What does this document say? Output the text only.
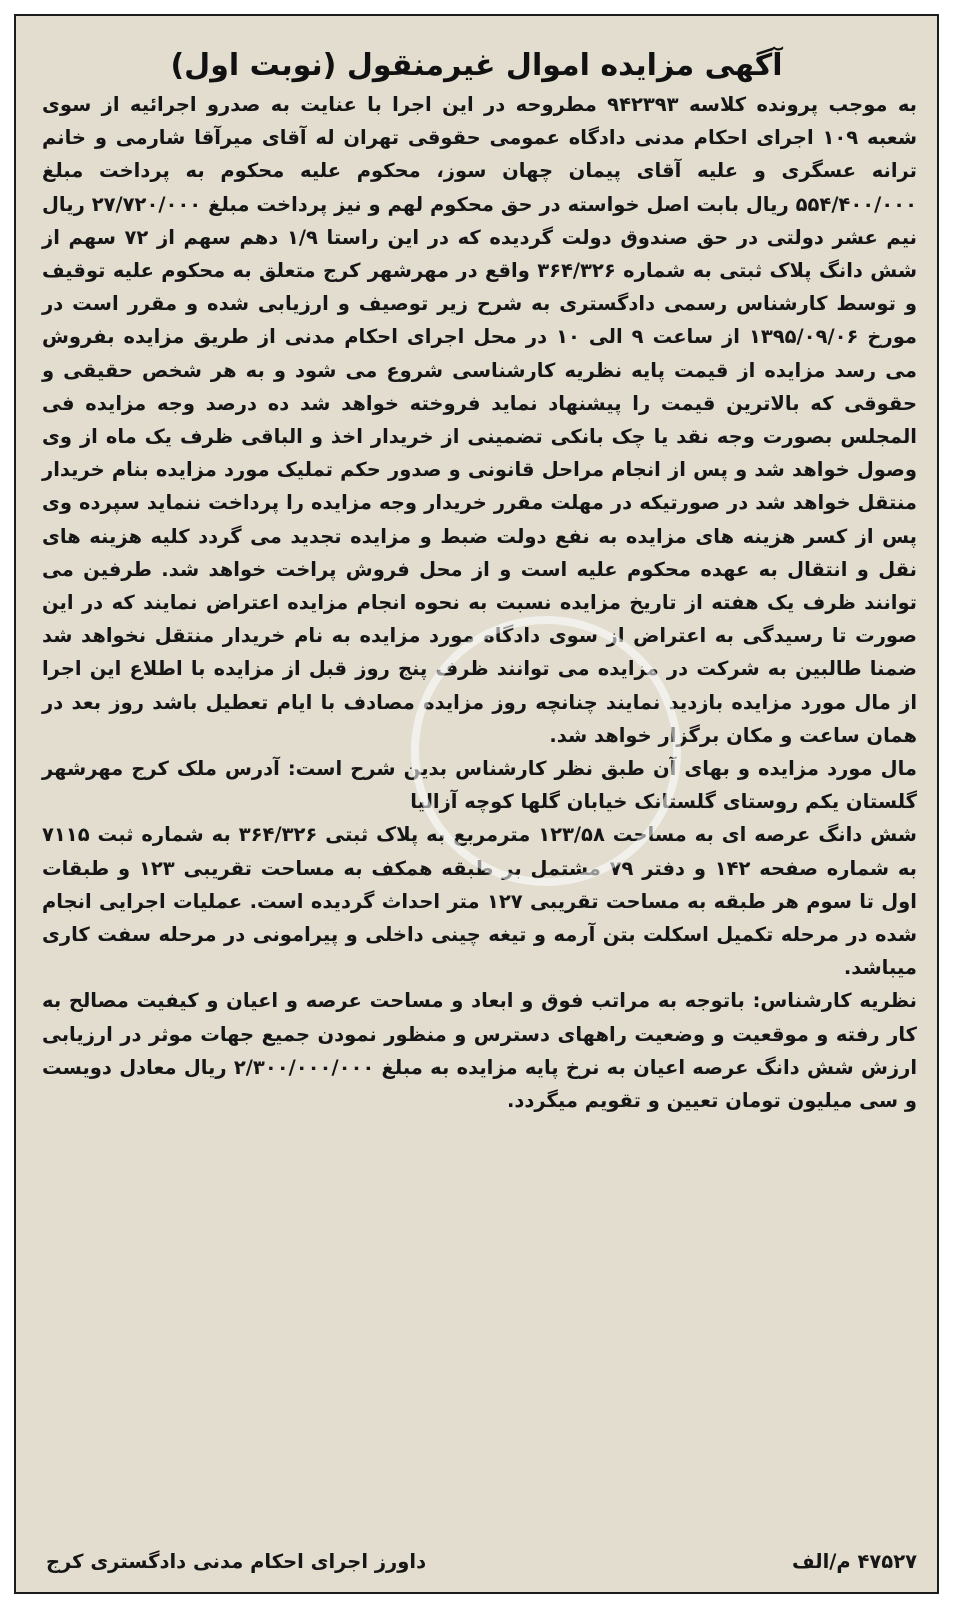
آگهی مزایده اموال غیرمنقول (نوبت اول)

به موجب پرونده کلاسه ۹۴۲۳۹۳ مطروحه در این اجرا با عنایت به صدرو اجرائیه از سوی شعبه ۱۰۹ اجرای احکام مدنی دادگاه عمومی حقوقی تهران له آقای میرآقا شارمی و خانم ترانه عسگری و علیه آقای پیمان چهان سوز، محکوم علیه محکوم به پرداخت مبلغ ۵۵۴/۴۰۰/۰۰۰ ریال بابت اصل خواسته در حق محکوم لهم و نیز پرداخت مبلغ ۲۷/۷۲۰/۰۰۰ ریال نیم عشر دولتی در حق صندوق دولت گردیده که در این راستا ۱/۹ دهم سهم از ۷۲ سهم از شش دانگ پلاک ثبتی به شماره ۳۶۴/۳۲۶ واقع در مهرشهر کرج متعلق به محکوم علیه توقیف و توسط کارشناس رسمی دادگستری به شرح زیر توصیف و ارزیابی شده و مقرر است در مورخ ۱۳۹۵/۰۹/۰۶ از ساعت ۹ الی ۱۰ در محل اجرای احکام مدنی از طریق مزایده بفروش می رسد مزایده از قیمت پایه نظریه کارشناسی شروع می شود و به هر شخص حقیقی و حقوقی که بالاترین قیمت را پیشنهاد نماید فروخته خواهد شد ده درصد وجه مزایده فی المجلس بصورت وجه نقد یا چک بانکی تضمینی از خریدار اخذ و الباقی ظرف یک ماه از وی وصول خواهد شد و پس از انجام مراحل قانونی و صدور حکم تملیک مورد مزایده بنام خریدار منتقل خواهد شد در صورتیکه در مهلت مقرر خریدار وجه مزایده را پرداخت ننماید سپرده وی پس از کسر هزینه های مزایده به نفع دولت ضبط و مزایده تجدید می گردد کلیه هزینه های نقل و انتقال به عهده محکوم علیه است و از محل فروش پراخت خواهد شد. طرفین می توانند ظرف یک هفته از تاریخ مزایده نسبت به نحوه انجام مزایده اعتراض نمایند که در این صورت تا رسیدگی به اعتراض از سوی دادگاه مورد مزایده به نام خریدار منتقل نخواهد شد ضمنا طالبین به شرکت در مزایده می توانند ظرف پنج روز قبل از مزایده با اطلاع این اجرا از مال مورد مزایده بازدید نمایند چنانچه روز مزایده مصادف با ایام تعطیل باشد روز بعد در همان ساعت و مکان برگزار خواهد شد.

مال مورد مزایده و بهای آن طبق نظر کارشناس بدین شرح است: آدرس ملک کرج مهرشهر گلستان یکم روستای گلستانک خیابان گلها کوچه آزالیا

شش دانگ عرصه ای به مساحت ۱۲۳/۵۸ مترمربع به پلاک ثبتی ۳۶۴/۳۲۶ به شماره ثبت ۷۱۱۵ به شماره صفحه ۱۴۲ و دفتر ۷۹ مشتمل بر طبقه همکف به مساحت تقریبی ۱۲۳ و طبقات اول تا سوم هر طبقه به مساحت تقریبی ۱۲۷ متر احداث گردیده است. عملیات اجرایی انجام شده در مرحله تکمیل اسکلت بتن آرمه و تیغه چینی داخلی و پیرامونی در مرحله سفت کاری میباشد.

نظریه کارشناس: باتوجه به مراتب فوق و ابعاد و مساحت عرصه و اعیان و کیفیت مصالح به کار رفته و موقعیت و وضعیت راههای دسترس و منظور نمودن جمیع جهات موثر در ارزیابی ارزش شش دانگ عرصه اعیان به نرخ پایه مزایده به مبلغ ۲/۳۰۰/۰۰۰/۰۰۰ ریال معادل دویست و سی میلیون تومان تعیین و تقویم میگردد.

۴۷۵۲۷ م/الف
داورز اجرای احکام مدنی دادگستری کرج
